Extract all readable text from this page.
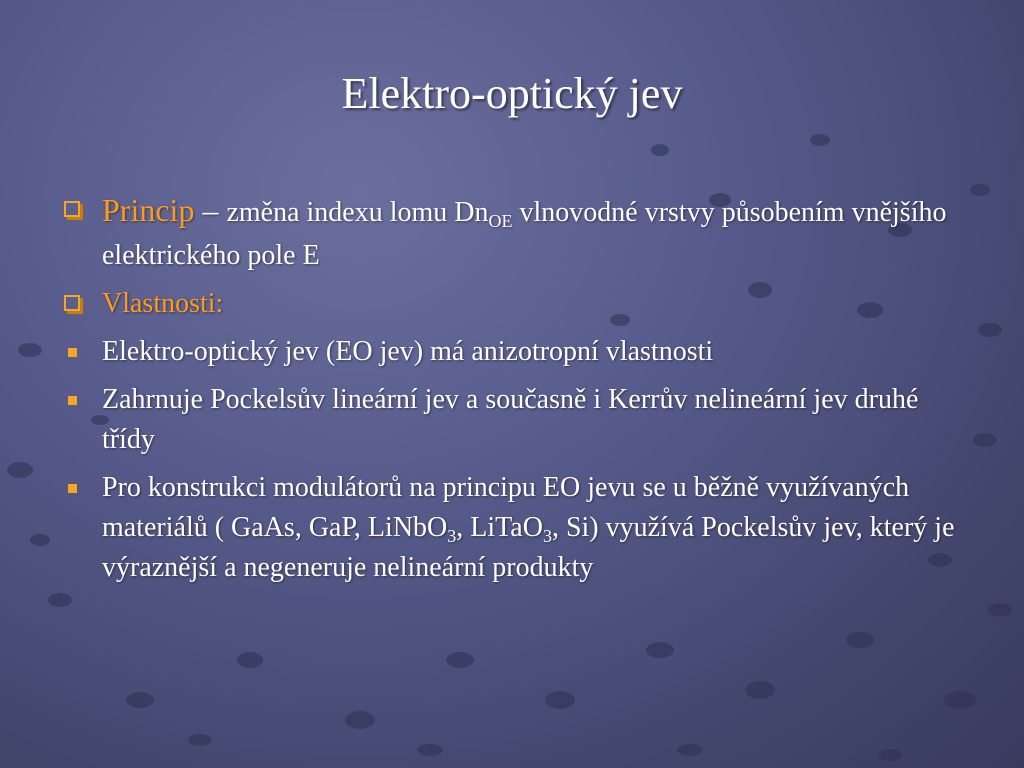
Elektro-optický jev
Princip – změna indexu lomu $Dn_{OE}$ vlnovodné vrstvy působením vnějšího elektrického pole E
Vlastnosti:
Elektro-optický jev (EO jev) má anizotropní vlastnosti
Zahrnuje Pockelsův lineární jev a současně i Kerrův nelineární jev druhé třídy
Pro konstrukci modulátorů na principu EO jevu se u běžně využívaných materiálů ( GaAs, GaP, LiNbO$_3$, LiTaO$_3$, Si) využívá Pockelsův jev, který je výraznější a negeneruje nelineární produkty
